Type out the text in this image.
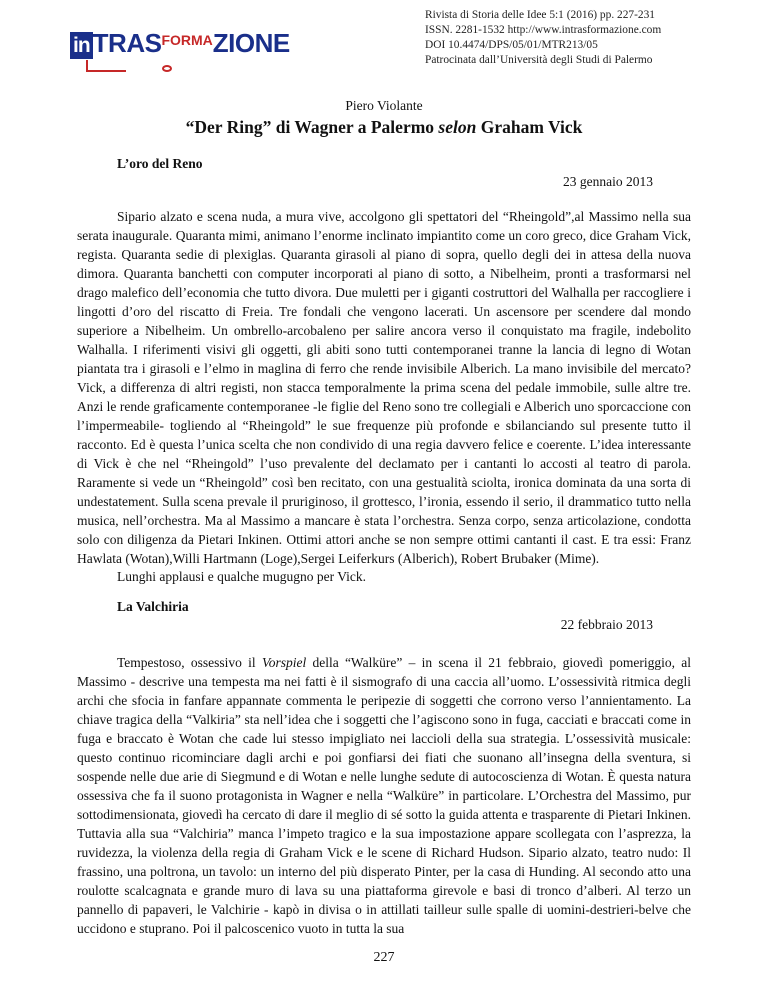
in TRASFORMAZIONE
Rivista di Storia delle Idee 5:1 (2016) pp. 227-231
ISSN. 2281-1532 http://www.intrasformazione.com
DOI 10.4474/DPS/05/01/MTR213/05
Patrocinata dall’Università degli Studi di Palermo
Piero Violante
“Der Ring” di Wagner a Palermo selon Graham Vick
L’oro del Reno
23 gennaio 2013

Sipario alzato e scena nuda, a mura vive, accolgono gli spettatori del “Rheingold”,al Massimo nella sua serata inaugurale. Quaranta mimi, animano l’enorme inclinato impiantito come un coro greco, dice Graham Vick, regista. Quaranta sedie di plexiglas. Quaranta girasoli al piano di sopra, quello degli dei in attesa della nuova dimora. Quaranta banchetti con computer incorporati al piano di sotto, a Nibelheim, pronti a trasformarsi nel drago malefico dell’economia che tutto divora. Due muletti per i giganti costruttori del Walhalla per raccogliere i lingotti d’oro del riscatto di Freia. Tre fondali che vengono lacerati. Un ascensore per scendere dal mondo superiore a Nibelheim. Un ombrello-arcobaleno per salire ancora verso il conquistato ma fragile, indebolito Walhalla. I riferimenti visivi gli oggetti, gli abiti sono tutti contemporanei tranne la lancia di legno di Wotan piantata tra i girasoli e l’elmo in maglina di ferro che rende invisibile Alberich. La mano invisibile del mercato? Vick, a differenza di altri registi, non stacca temporalmente la prima scena del pedale immobile, sulle altre tre. Anzi le rende graficamente contemporanee -le figlie del Reno sono tre collegiali e Alberich uno sporcaccione con l’impermeabile- togliendo al “Rheingold” le sue frequenze più profonde e sbilanciando sul presente tutto il racconto. Ed è questa l’unica scelta che non condivido di una regia davvero felice e coerente. L’idea interessante di Vick è che nel “Rheingold” l’uso prevalente del declamato per i cantanti lo accosti al teatro di parola. Raramente si vede un “Rheingold” così ben recitato, con una gestualità sciolta, ironica dominata da una sorta di undestatement. Sulla scena prevale il pruriginoso, il grottesco, l’ironia, essendo il serio, il drammatico tutto nella musica, nell’orchestra. Ma al Massimo a mancare è stata l’orchestra. Senza corpo, senza articolazione, condotta solo con diligenza da Pietari Inkinen. Ottimi attori anche se non sempre ottimi cantanti il cast. E tra essi: Franz Hawlata (Wotan),Willi Hartmann (Loge),Sergei Leiferkurs (Alberich), Robert Brubaker (Mime).

Lunghi applausi e qualche mugugno per Vick.
La Valchiria
22 febbraio 2013

Tempestoso, ossessivo il Vorspiel della “Walküre” – in scena il 21 febbraio, giovedì pomeriggio, al Massimo - descrive una tempesta ma nei fatti è il sismografo di una caccia all’uomo. L’ossessività ritmica degli archi che sfocia in fanfare appannate commenta le peripezie di soggetti che corrono verso l’annientamento. La chiave tragica della “Valkiria” sta nell’idea che i soggetti che l’agiscono sono in fuga, cacciati e braccati come in fuga e braccato è Wotan che cade lui stesso impigliato nei laccioli della sua strategia. L’ossessività musicale: questo continuo ricominciare dagli archi e poi gonfiarsi dei fiati che suonano all’insegna della sventura, si sospende nelle due arie di Siegmund e di Wotan e nelle lunghe sedute di autocoscienza di Wotan. È questa natura ossessiva che fa il suono protagonista in Wagner e nella “Walküre” in particolare. L’Orchestra del Massimo, pur sottodimensionata, giovedì ha cercato di dare il meglio di sé sotto la guida attenta e trasparente di Pietari Inkinen. Tuttavia alla sua “Valchiria” manca l’impeto tragico e la sua impostazione appare scollegata con l’asprezza, la ruvidezza, la violenza della regia di Graham Vick e le scene di Richard Hudson. Sipario alzato, teatro nudo: Il frassino, una poltrona, un tavolo: un interno del più disperato Pinter, per la casa di Hunding. Al secondo atto una roulotte scalcagnata e grande muro di lava su una piattaforma girevole e basi di tronco d’alberi. Al terzo un pannello di papaveri, le Valchirie - kapò in divisa o in attillati tailleur sulle spalle di uomini-destrieri-belve che uccidono e stuprano. Poi il palcoscenico vuoto in tutta la sua

227
